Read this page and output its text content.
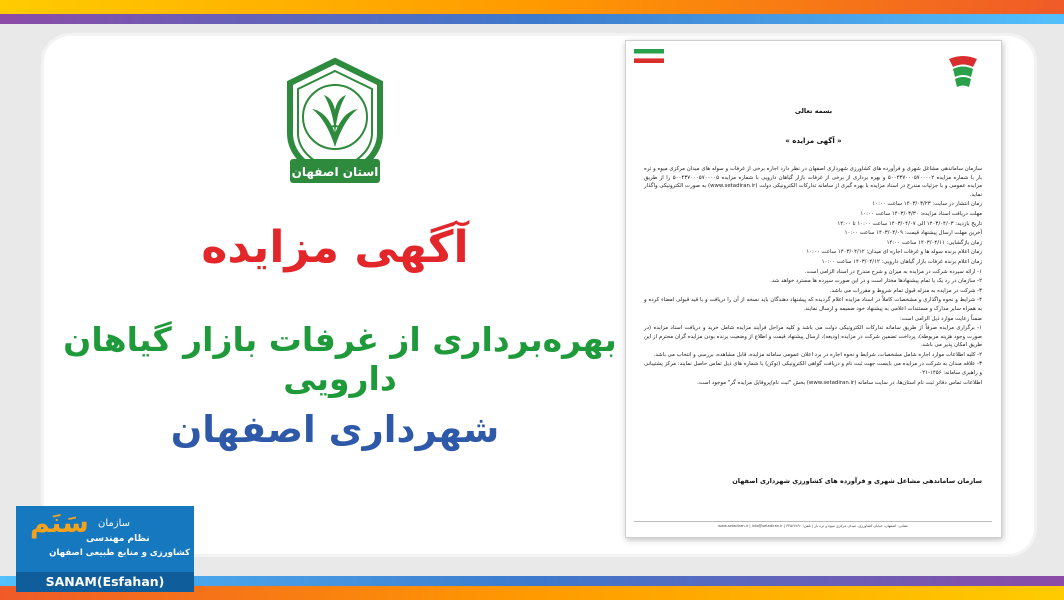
استان اصفهان
آگهی مزایده
بهره‌برداری از غرفات بازار گیاهان دارویی
شهرداری اصفهان
بسمه تعالی
« آگهی مزایده »

سازمان ساماندهی مشاغل شهری و فرآورده های کشاورزی شهرداری اصفهان در نظر دارد اجاره برخی از غرفات و سوله های میدان مرکزی میوه و تره بار با شماره مزایده ۵۰۰۴۳۷۰۰۰۵۷۰۰۰۰۲ و بهره برداری از برخی از غرفات بازار گیاهان دارویی با شماره مزایده ۵۰۰۴۳۷۰۰۰۵۷۰۰۰۰۵ را از طریق مزایده عمومی و با جزئیات مندرج در اسناد مزایده با بهره گیری از سامانه تدارکات الکترونیکی دولت (www.setadiran.ir) به صورت الکترونیکی واگذار نماید.

زمان انتشار در سایت: ۱۴۰۳/۰۳/۲۳ ساعت ۱۰:۰۰

مهلت دریافت اسناد مزایده: ۱۴۰۳/۰۳/۳۰ ساعت ۱۰:۰۰

تاریخ بازدید: ۱۴۰۳/۰۴/۰۳ الی ۱۴۰۳/۰۴/۰۷ ساعت ۱۰:۰۰ تا ۱۴:۰۰

آخرین مهلت ارسال پیشنهاد قیمت: ۱۴۰۳/۰۴/۰۹ ساعت ۱۰:۰۰

زمان بازگشایی: ۱۴۰۳/۰۴/۱۱ ساعت ۱۴:۰۰

زمان اعلام برنده سوله ها و غرفات اجاره ای میدان: ۱۴۰۳/۰۴/۱۲ ساعت ۱۰:۰۰

زمان اعلام برنده غرفات بازار گیاهان دارویی: ۱۴۰۳/۰۴/۱۲ ساعت ۱۰:۰۰

۱- ارائه سپرده شرکت در مزایده به میزان و شرح مندرج در اسناد الزامی است.

۲- سازمان در رد یک یا تمام پیشنهادها مختار است و در این صورت سپرده ها مسترد خواهد شد.

۳- شرکت در مزایده به منزله قبول تمام شروط و مقررات می باشد.

۴- شرایط و نحوه واگذاری و مشخصات کاملاً در اسناد مزایده اعلام گردیده که پیشنهاد دهندگان باید نسخه از آن را دریافت و با قید قبولی امضاء کرده و به همراه سایر مدارک و مستندات اعلامی به پیشنهاد خود ضمیمه و ارسال نمایند.

ضمناً رعایت موارد ذیل الزامی است:

۱- برگزاری مزایده صرفاً از طریق سامانه تدارکات الکترونیکی دولت می باشد و کلیه مراحل فرآیند مزایده شامل خرید و دریافت اسناد مزایده (در صورت وجود هزینه مربوطه)، پرداخت تضمین شرکت در مزایده (ودیعه)، ارسال پیشنهاد قیمت و اطلاع از وضعیت برنده بودن مزایده گران محترم از این طریق امکان پذیر می باشد.

۲- کلیه اطلاعات موارد اجاره شامل مشخصات، شرایط و نحوه اجاره در برد اعلان عمومی سامانه مزایده، قابل مشاهده، بررسی و انتخاب می باشد.

۳- علاقه مندان به شرکت در مزایده می بایست جهت ثبت نام و دریافت گواهی الکترونیکی (توکن) با شماره های ذیل تماس حاصل نمایند: مرکز پشتیبانی و راهبری سامانه: ۱۴۵۶-۰۲۱

اطلاعات تماس دفاتر ثبت نام استان‌ها، در سایت سامانه (www.setadiran.ir) بخش "ثبت نام/پروفایل مزایده گر" موجود است.

سازمان ساماندهی مشاغل شهری و فرآورده های کشاورزی شهرداری اصفهان
نشانی: اصفهان، خیابان کشاورزی، میدان مرکزی میوه و تره بار | تلفن: ۳۴۵۶۷۸۹۰ | www.setadiran.ir | info@setadiran.ir
سَنَم سازمان
نظام مهندسی
کشاورزی و منابع طبیعی اصفهان
SANAM(Esfahan)
